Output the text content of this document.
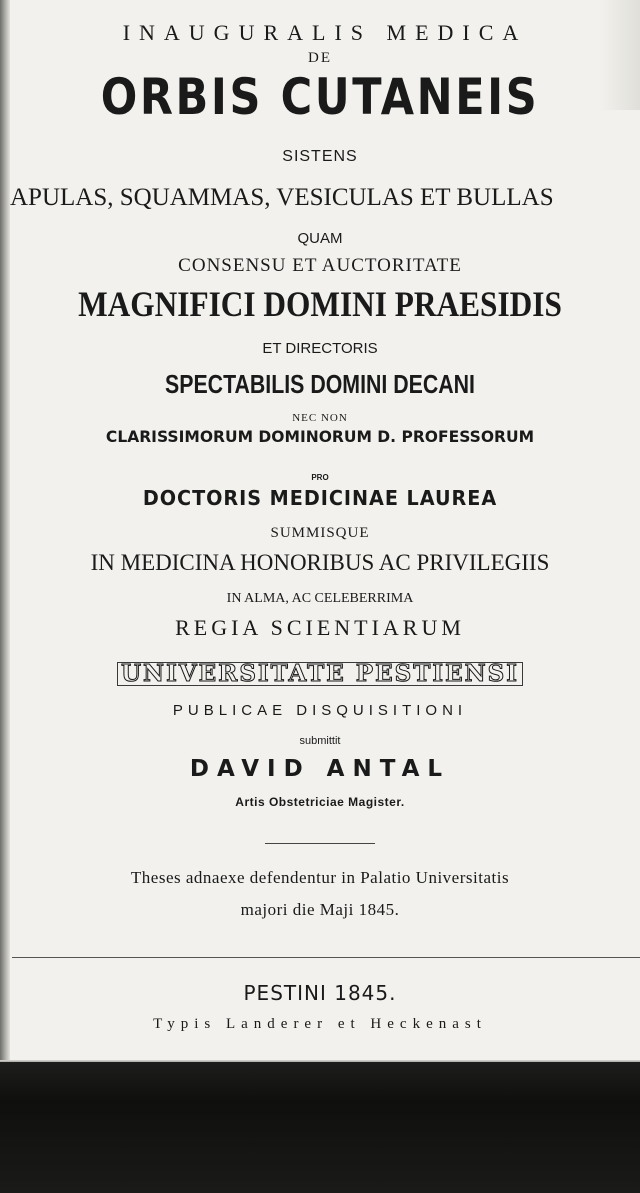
INAUGURALIS MEDICA
DE
ORBIS CUTANEIS
SISTENS
APULAS, SQUAMMAS, VESICULAS ET BULLAS
QUAM
CONSENSU ET AUCTORITATE
MAGNIFICI DOMINI PRAESIDIS
ET DIRECTORIS
SPECTABILIS DOMINI DECANI
NEC NON
CLARISSIMORUM DOMINORUM D. PROFESSORUM
PRO
DOCTORIS MEDICINAE LAUREA
SUMMISQUE
IN MEDICINA HONORIBUS AC PRIVILEGIIS
IN ALMA, AC CELEBERRIMA
REGIA SCIENTIARUM
UNIVERSITATE PESTIENSI
PUBLICAE DISQUISITIONI
submittit
DAVID ANTAL
Artis Obstetriciae Magister.
Theses adnaexe defendentur in Palatio Universitatis
majori die Maji 1845.
PESTINI 1845.
Typis Landerer et Heckenast
